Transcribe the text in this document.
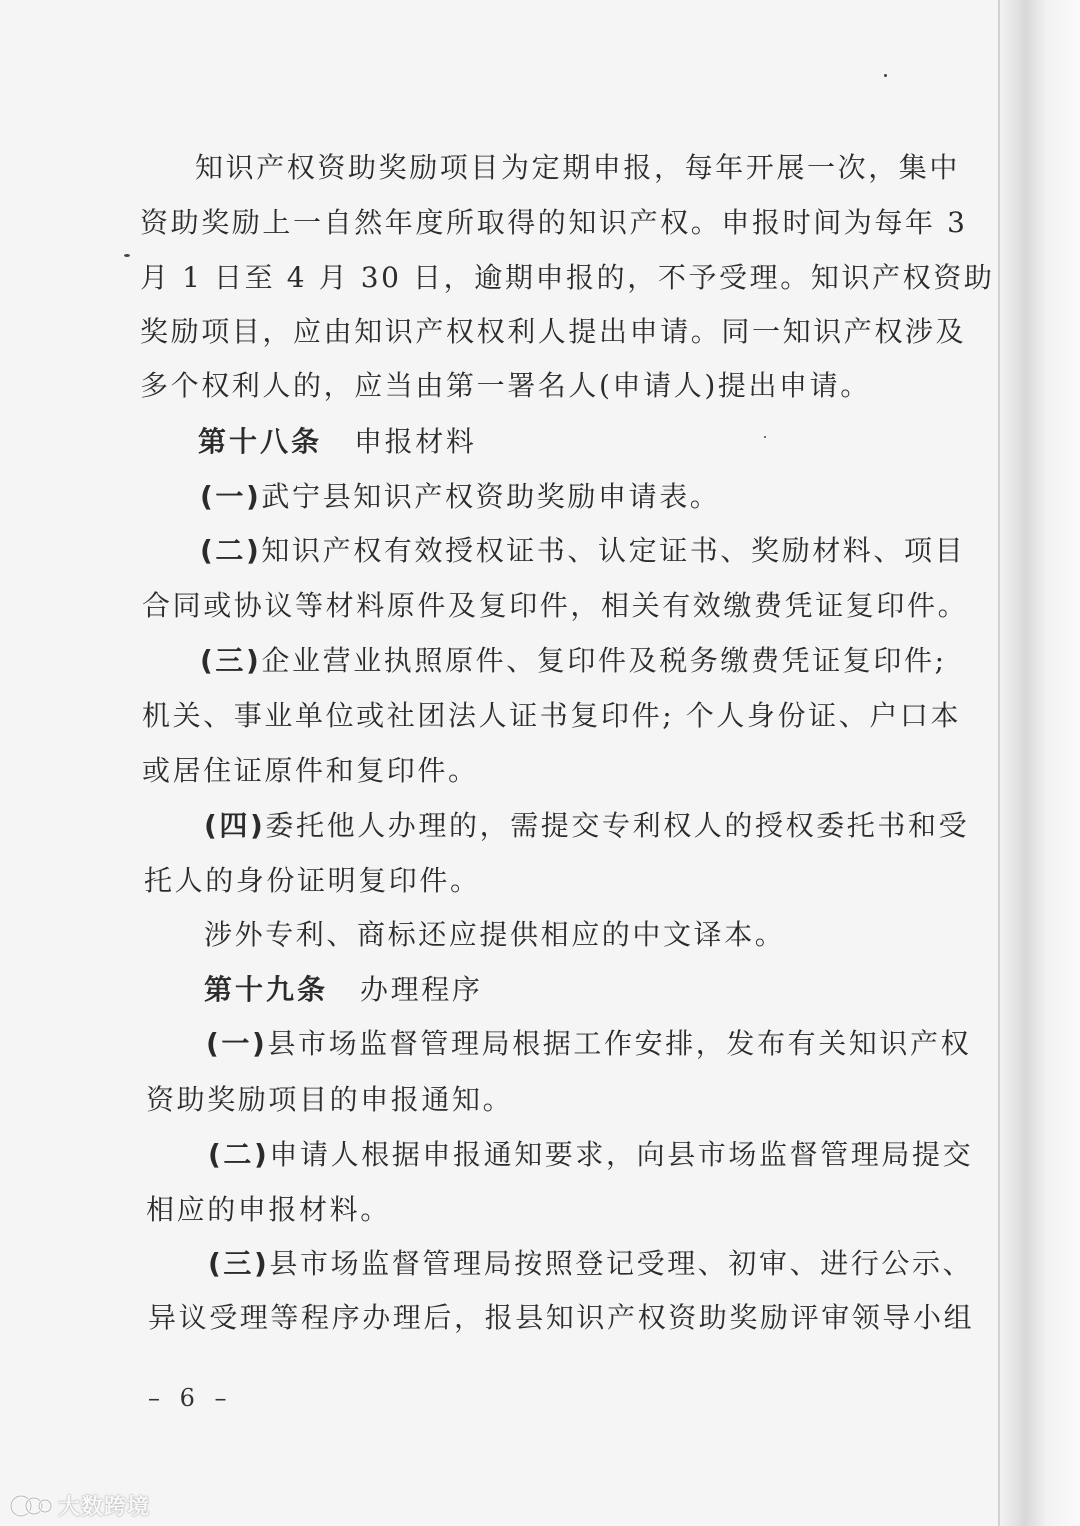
知识产权资助奖励项目为定期申报，每年开展一次，集中
资助奖励上一自然年度所取得的知识产权。申报时间为每年 3
月 1 日至 4 月 30 日，逾期申报的，不予受理。知识产权资助
奖励项目，应由知识产权权利人提出申请。同一知识产权涉及
多个权利人的，应当由第一署名人(申请人)提出申请。
第十八条 申报材料
(一)武宁县知识产权资助奖励申请表。
(二)知识产权有效授权证书、认定证书、奖励材料、项目
合同或协议等材料原件及复印件，相关有效缴费凭证复印件。
(三)企业营业执照原件、复印件及税务缴费凭证复印件;
机关、事业单位或社团法人证书复印件; 个人身份证、户口本
或居住证原件和复印件。
(四)委托他人办理的，需提交专利权人的授权委托书和受
托人的身份证明复印件。
涉外专利、商标还应提供相应的中文译本。
第十九条 办理程序
(一)县市场监督管理局根据工作安排，发布有关知识产权
资助奖励项目的申报通知。
(二)申请人根据申报通知要求，向县市场监督管理局提交
相应的申报材料。
(三)县市场监督管理局按照登记受理、初审、进行公示、
异议受理等程序办理后，报县知识产权资助奖励评审领导小组
– 6 –
大数跨境
